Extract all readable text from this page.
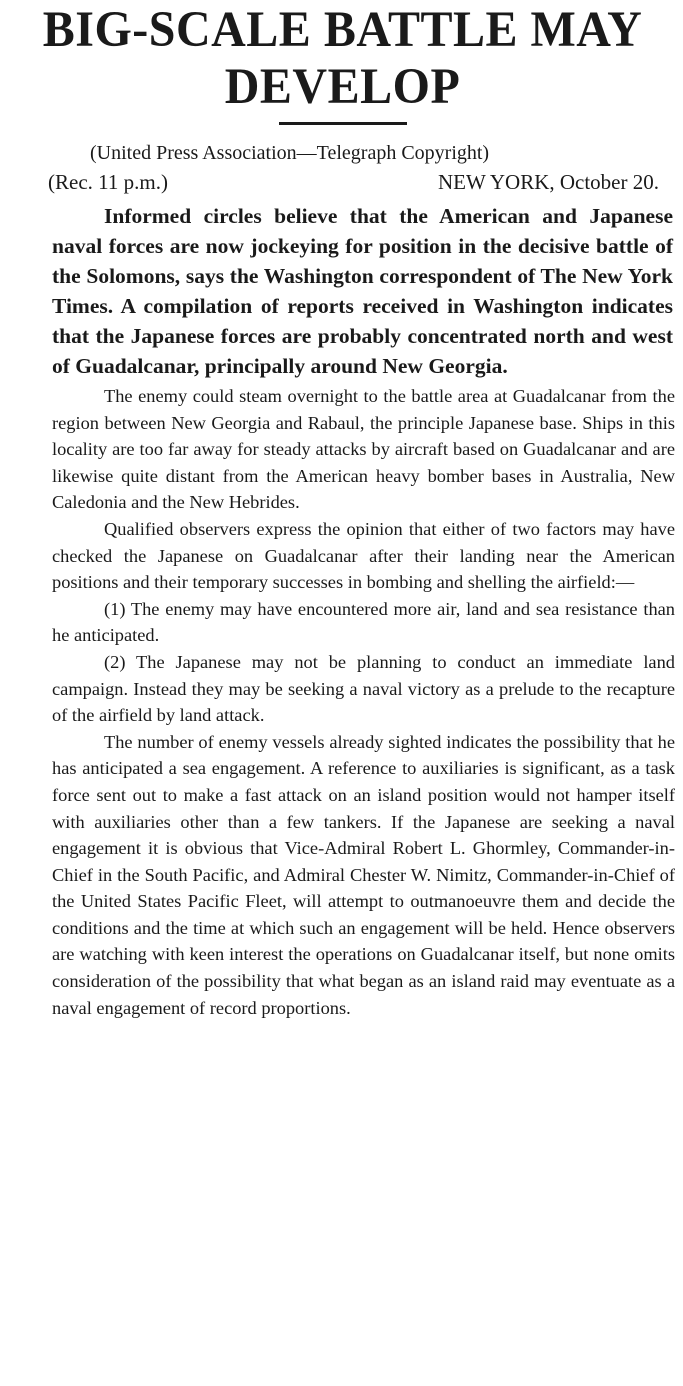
BIG-SCALE BATTLE MAY DEVELOP
(United Press Association—Telegraph Copyright)
(Rec. 11 p.m.)	NEW YORK, October 20.

Informed circles believe that the American and Japanese naval forces are now jockeying for position in the decisive battle of the Solomons, says the Washington correspondent of The New York Times. A compilation of reports received in Washington indicates that the Japanese forces are probably concentrated north and west of Guadalcanar, principally around New Georgia.

The enemy could steam overnight to the battle area at Guadalcanar from the region between New Georgia and Rabaul, the principle Japanese base. Ships in this locality are too far away for steady attacks by aircraft based on Guadalcanar and are likewise quite distant from the American heavy bomber bases in Australia, New Caledonia and the New Hebrides.

Qualified observers express the opinion that either of two factors may have checked the Japanese on Guadalcanar after their landing near the American positions and their temporary successes in bombing and shelling the airfield:—

(1) The enemy may have encountered more air, land and sea resistance than he anticipated.

(2) The Japanese may not be planning to conduct an immediate land campaign. Instead they may be seeking a naval victory as a prelude to the recapture of the airfield by land attack.

The number of enemy vessels already sighted indicates the possibility that he has anticipated a sea engagement. A reference to auxiliaries is significant, as a task force sent out to make a fast attack on an island position would not hamper itself with auxiliaries other than a few tankers. If the Japanese are seeking a naval engagement it is obvious that Vice-Admiral Robert L. Ghormley, Commander-in-Chief in the South Pacific, and Admiral Chester W. Nimitz, Commander-in-Chief of the United States Pacific Fleet, will attempt to outmanoeuvre them and decide the conditions and the time at which such an engagement will be held. Hence observers are watching with keen interest the operations on Guadalcanar itself, but none omits consideration of the possibility that what began as an island raid may eventuate as a naval engagement of record proportions.
